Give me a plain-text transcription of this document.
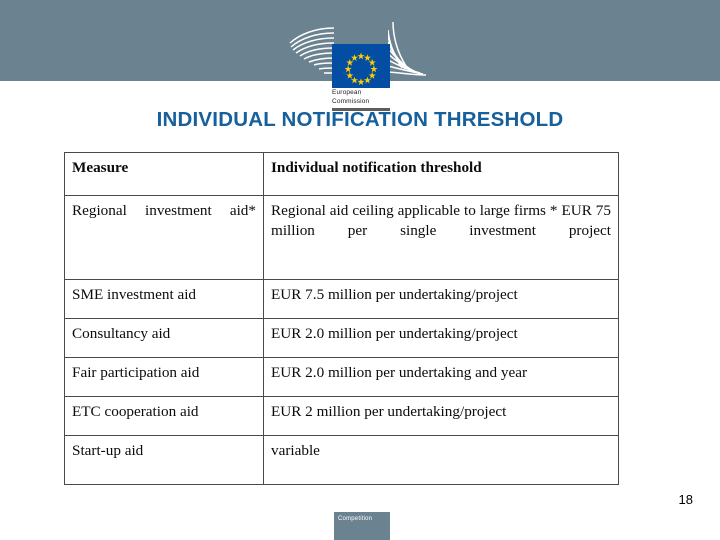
European
Commission
INDIVIDUAL NOTIFICATION THRESHOLD
Measure	Individual notification threshold
Regional investment aid*	Regional aid ceiling applicable to large firms * EUR 75 million per single investment project
SME investment aid	EUR 7.5 million per undertaking/project
Consultancy aid	EUR 2.0 million per undertaking/project
Fair participation aid	EUR 2.0 million per undertaking and year
ETC cooperation aid	EUR 2 million per undertaking/project
Start-up aid	variable
18
Competition
